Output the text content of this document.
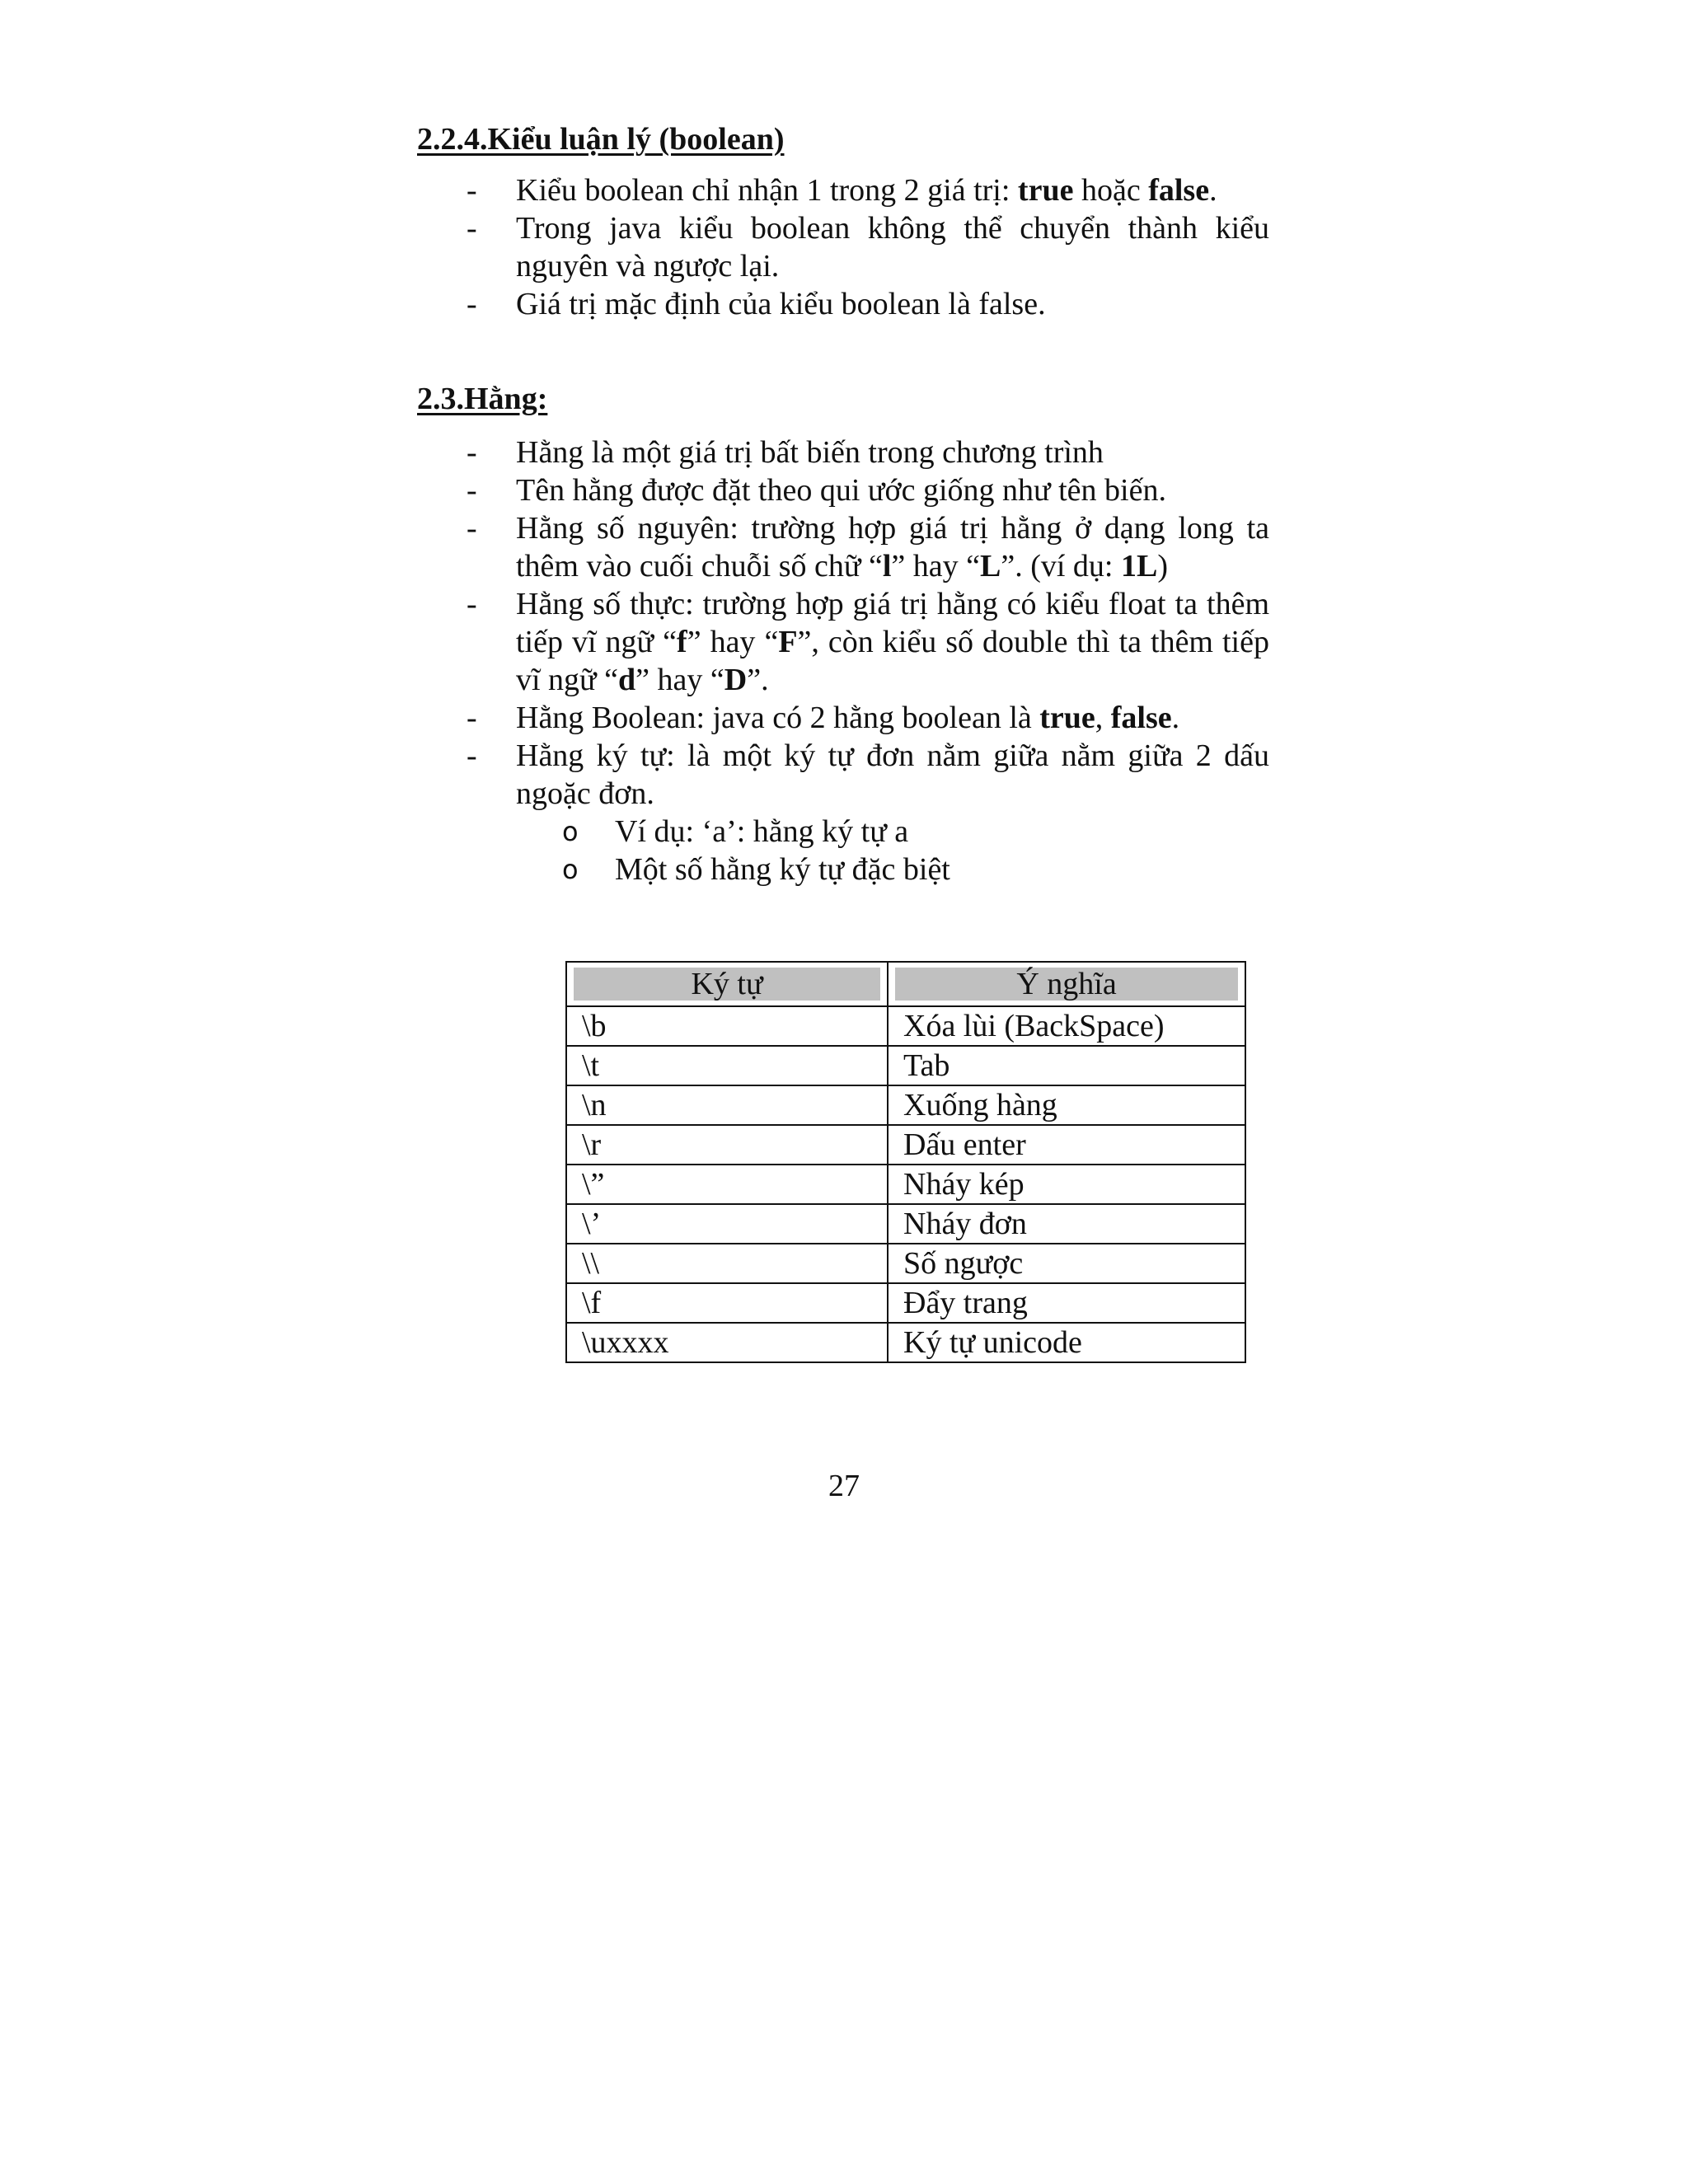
2.2.4.Kiểu luận lý (boolean)
- Kiểu boolean chỉ nhận 1 trong 2 giá trị: true hoặc false.
- Trong java kiểu boolean không thể chuyển thành kiểu nguyên và ngược lại.
- Giá trị mặc định của kiểu boolean là false.
2.3.Hằng:
- Hằng là một giá trị bất biến trong chương trình
- Tên hằng được đặt theo qui ước giống như tên biến.
- Hằng số nguyên: trường hợp giá trị hằng ở dạng long ta thêm vào cuối chuỗi số chữ “l” hay “L”. (ví dụ: 1L)
- Hằng số thực: trường hợp giá trị hằng có kiểu float ta thêm tiếp vĩ ngữ “f” hay “F”, còn kiểu số double thì ta thêm tiếp vĩ ngữ “d” hay “D”.
- Hằng Boolean: java có 2 hằng boolean là true, false.
- Hằng ký tự: là một ký tự đơn nằm giữa nằm giữa 2 dấu ngoặc đơn.
o Ví dụ: ‘a’: hằng ký tự a
o Một số hằng ký tự đặc biệt
Ký tự	Ý nghĩa

\b	Xóa lùi (BackSpace)
\t	Tab
\n	Xuống hàng
\r	Dấu enter
\”	Nháy kép
\’	Nháy đơn
\\	Số ngược
\f	Đẩy trang
\uxxxx	Ký tự unicode
27
